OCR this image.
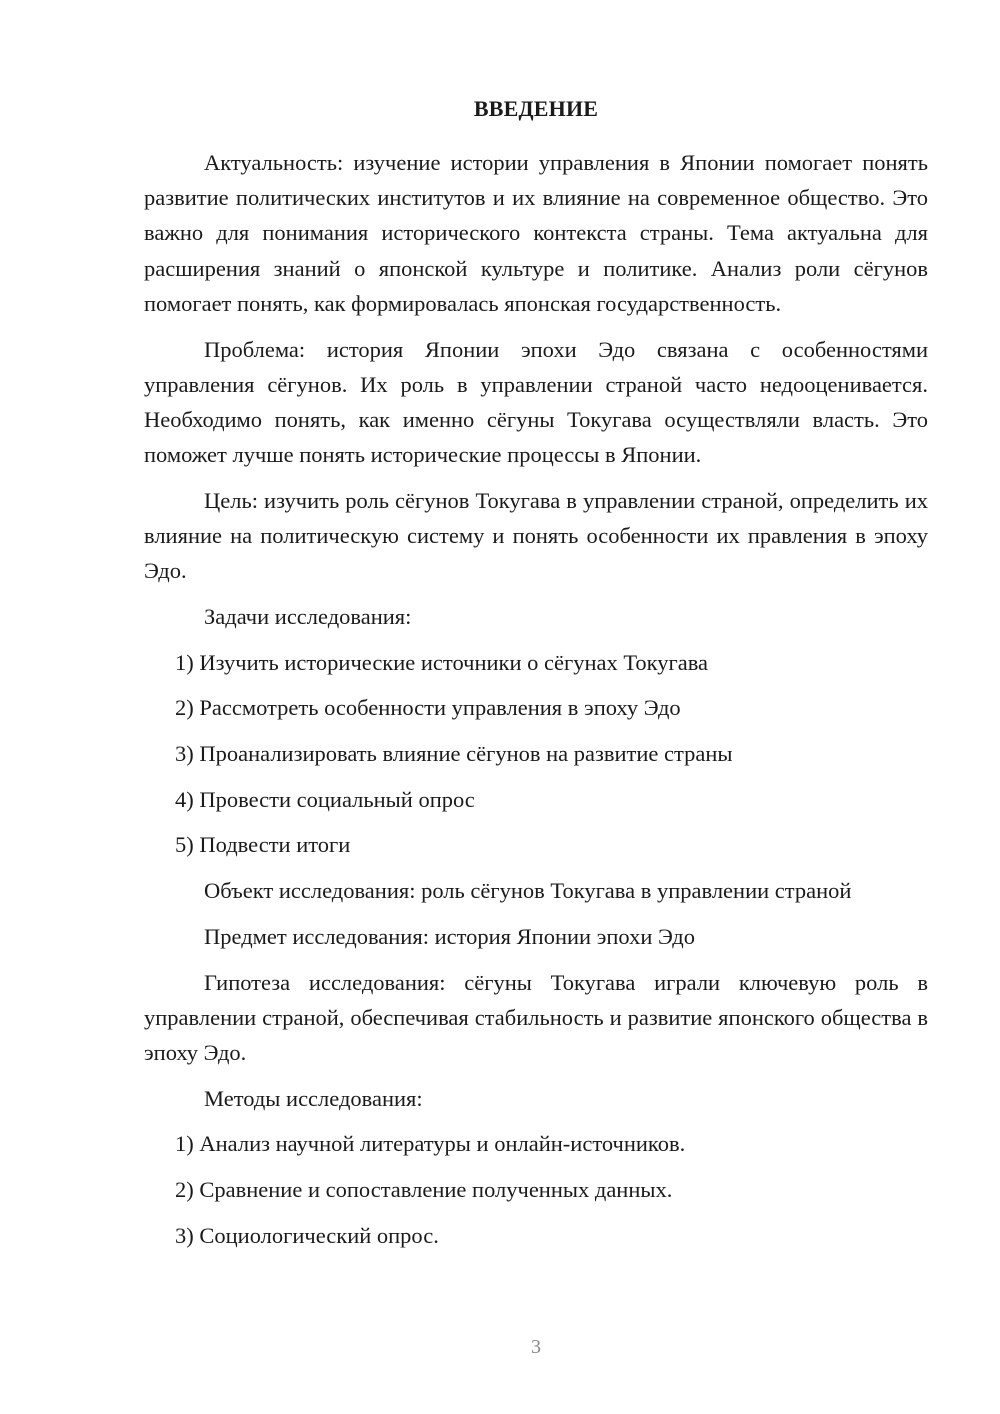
ВВЕДЕНИЕ

Актуальность: изучение истории управления в Японии помогает понять развитие политических институтов и их влияние на современное общество. Это важно для понимания исторического контекста страны. Тема актуальна для расширения знаний о японской культуре и политике. Анализ роли сёгунов помогает понять, как формировалась японская государственность.

Проблема: история Японии эпохи Эдо связана с особенностями управления сёгунов. Их роль в управлении страной часто недооценивается. Необходимо понять, как именно сёгуны Токугава осуществляли власть. Это поможет лучше понять исторические процессы в Японии.

Цель: изучить роль сёгунов Токугава в управлении страной, определить их влияние на политическую систему и понять особенности их правления в эпоху Эдо.

Задачи исследования:

1) Изучить исторические источники о сёгунах Токугава

2) Рассмотреть особенности управления в эпоху Эдо

3) Проанализировать влияние сёгунов на развитие страны

4) Провести социальный опрос

5) Подвести итоги

Объект исследования: роль сёгунов Токугава в управлении страной

Предмет исследования: история Японии эпохи Эдо

Гипотеза исследования: сёгуны Токугава играли ключевую роль в управлении страной, обеспечивая стабильность и развитие японского общества в эпоху Эдо.

Методы исследования:

1) Анализ научной литературы и онлайн-источников.

2) Сравнение и сопоставление полученных данных.

3) Социологический опрос.

3
